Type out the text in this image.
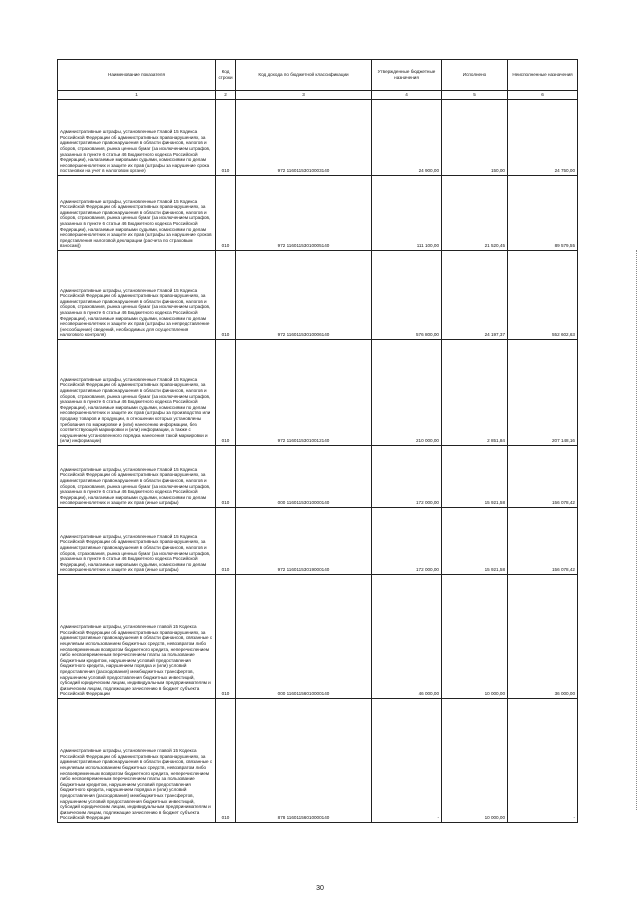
Наименование показателя	Код строки	Код дохода по бюджетной классификации	Утвержденные бюджетные назначения	Исполнено	Неисполненные назначения
1	2	3	4	5	6
Административные штрафы, установленные Главой 15 Кодекса Российской Федерации об административных правонарушениях, за административные правонарушения в области финансов, налогов и сборов, страхования, рынка ценных бумаг (за исключением штрафов, указанных в пункте 6 статьи 46 Бюджетного кодекса Российской Федерации), налагаемые мировыми судьями, комиссиями по делам несовершеннолетних и защите их прав (штрафы за нарушение срока постановки на учет в налоговом органе)	010	972 11601153010003140	24 900,00	150,00	24 750,00
Административные штрафы, установленные Главой 15 Кодекса Российской Федерации об административных правонарушениях, за административные правонарушения в области финансов, налогов и сборов, страхования, рынка ценных бумаг (за исключением штрафов, указанных в пункте 6 статьи 46 Бюджетного кодекса Российской Федерации), налагаемые мировыми судьями, комиссиями по делам несовершеннолетних и защите их прав (штрафы за нарушение сроков представления налоговой декларации (расчета по страховым взносам))	010	972 11601153010005140	111 100,00	21 520,45	89 579,55
Административные штрафы, установленные Главой 15 Кодекса Российской Федерации об административных правонарушениях, за административные правонарушения в области финансов, налогов и сборов, страхования, рынка ценных бумаг (за исключением штрафов, указанных в пункте 6 статьи 46 Бюджетного кодекса Российской Федерации), налагаемые мировыми судьями, комиссиями по делам несовершеннолетних и защите их прав (штрафы за непредставление (несообщение) сведений, необходимых для осуществления налогового контроля)	010	972 11601153010006140	576 800,00	24 197,37	552 602,63
Административные штрафы, установленные Главой 15 Кодекса Российской Федерации об административных правонарушениях, за административные правонарушения в области финансов, налогов и сборов, страхования, рынка ценных бумаг (за исключением штрафов, указанных в пункте 6 статьи 46 Бюджетного кодекса Российской Федерации), налагаемые мировыми судьями, комиссиями по делам несовершеннолетних и защите их прав (штрафы за производство или продажу товаров и продукции, в отношении которых установлены требования по маркировке и (или) нанесению информации, без соответствующей маркировки и (или) информации, а также с нарушением установленного порядка нанесения такой маркировки и (или) информации)	010	972 11601153010012140	210 000,00	2 851,84	207 148,16
Административные штрафы, установленные Главой 15 Кодекса Российской Федерации об административных правонарушениях, за административные правонарушения в области финансов, налогов и сборов, страхования, рынка ценных бумаг (за исключением штрафов, указанных в пункте 6 статьи 46 Бюджетного кодекса Российской Федерации), налагаемые мировыми судьями, комиссиями по делам несовершеннолетних и защите их прав (иные штрафы)	010	000 11601153010000140	172 000,00	15 921,58	156 078,42
Административные штрафы, установленные Главой 15 Кодекса Российской Федерации об административных правонарушениях, за административные правонарушения в области финансов, налогов и сборов, страхования, рынка ценных бумаг (за исключением штрафов, указанных в пункте 6 статьи 46 Бюджетного кодекса Российской Федерации), налагаемые мировыми судьями, комиссиями по делам несовершеннолетних и защите их прав (иные штрафы)	010	972 11601153019000140	172 000,00	15 921,58	156 078,42
Административные штрафы, установленные главой 15 Кодекса Российской Федерации об административных правонарушениях, за административные правонарушения в области финансов, связанные с нецелевым использованием бюджетных средств, невозвратом либо несвоевременным возвратом бюджетного кредита, неперечислением либо несвоевременным перечислением платы за пользование бюджетным кредитом, нарушением условий предоставления бюджетного кредита, нарушением порядка и (или) условий предоставления (расходования) межбюджетных трансфертов, нарушением условий предоставления бюджетных инвестиций, субсидий юридическим лицам, индивидуальным предпринимателям и физическим лицам, подлежащие зачислению в бюджет субъекта Российской Федерации	010	000 11601156010000140	46 000,00	10 000,00	36 000,00
Административные штрафы, установленные главой 15 Кодекса Российской Федерации об административных правонарушениях, за административные правонарушения в области финансов, связанные с нецелевым использованием бюджетных средств, невозвратом либо несвоевременным возвратом бюджетного кредита, неперечислением либо несвоевременным перечислением платы за пользование бюджетным кредитом, нарушением условий предоставления бюджетного кредита, нарушением порядка и (или) условий предоставления (расходования) межбюджетных трансфертов, нарушением условий предоставления бюджетных инвестиций, субсидий юридическим лицам, индивидуальным предпринимателям и физическим лицам, подлежащие зачислению в бюджет субъекта Российской Федерации	010	878 11601156010000140	-	10 000,00	-
30
